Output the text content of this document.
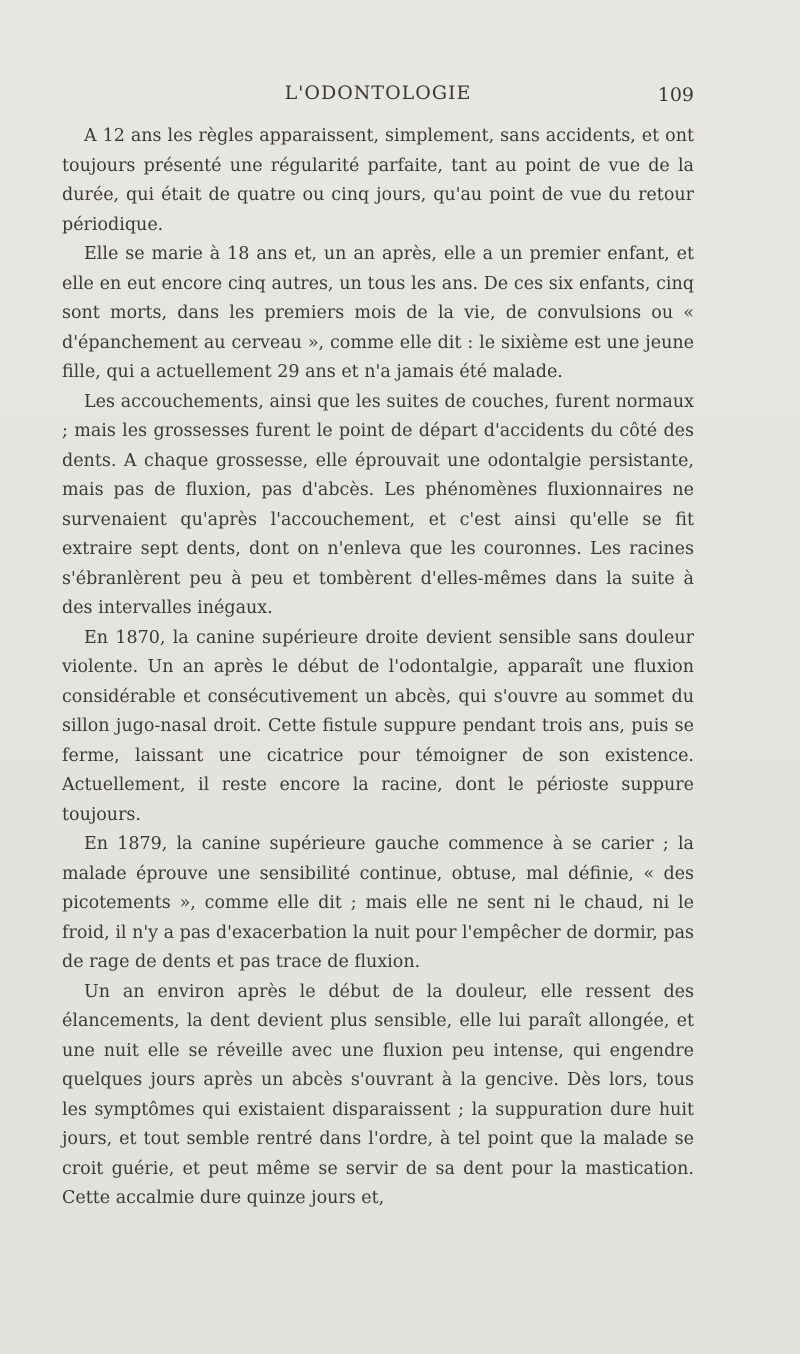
L'ODONTOLOGIE	109

A 12 ans les règles apparaissent, simplement, sans accidents, et ont toujours présenté une régularité parfaite, tant au point de vue de la durée, qui était de quatre ou cinq jours, qu'au point de vue du retour périodique.

Elle se marie à 18 ans et, un an après, elle a un premier enfant, et elle en eut encore cinq autres, un tous les ans. De ces six enfants, cinq sont morts, dans les premiers mois de la vie, de convulsions ou « d'épanchement au cerveau », comme elle dit : le sixième est une jeune fille, qui a actuellement 29 ans et n'a jamais été malade.

Les accouchements, ainsi que les suites de couches, furent normaux ; mais les grossesses furent le point de départ d'accidents du côté des dents. A chaque grossesse, elle éprouvait une odontalgie persistante, mais pas de fluxion, pas d'abcès. Les phénomènes fluxionnaires ne survenaient qu'après l'accouchement, et c'est ainsi qu'elle se fit extraire sept dents, dont on n'enleva que les couronnes. Les racines s'ébranlèrent peu à peu et tombèrent d'elles-mêmes dans la suite à des intervalles inégaux.

En 1870, la canine supérieure droite devient sensible sans douleur violente. Un an après le début de l'odontalgie, apparaît une fluxion considérable et consécutivement un abcès, qui s'ouvre au sommet du sillon jugo-nasal droit. Cette fistule suppure pendant trois ans, puis se ferme, laissant une cicatrice pour témoigner de son existence. Actuellement, il reste encore la racine, dont le périoste suppure toujours.

En 1879, la canine supérieure gauche commence à se carier ; la malade éprouve une sensibilité continue, obtuse, mal définie, « des picotements », comme elle dit ; mais elle ne sent ni le chaud, ni le froid, il n'y a pas d'exacerbation la nuit pour l'empêcher de dormir, pas de rage de dents et pas trace de fluxion.

Un an environ après le début de la douleur, elle ressent des élancements, la dent devient plus sensible, elle lui paraît allongée, et une nuit elle se réveille avec une fluxion peu intense, qui engendre quelques jours après un abcès s'ouvrant à la gencive. Dès lors, tous les symptômes qui existaient disparaissent ; la suppuration dure huit jours, et tout semble rentré dans l'ordre, à tel point que la malade se croit guérie, et peut même se servir de sa dent pour la mastication. Cette accalmie dure quinze jours et,
